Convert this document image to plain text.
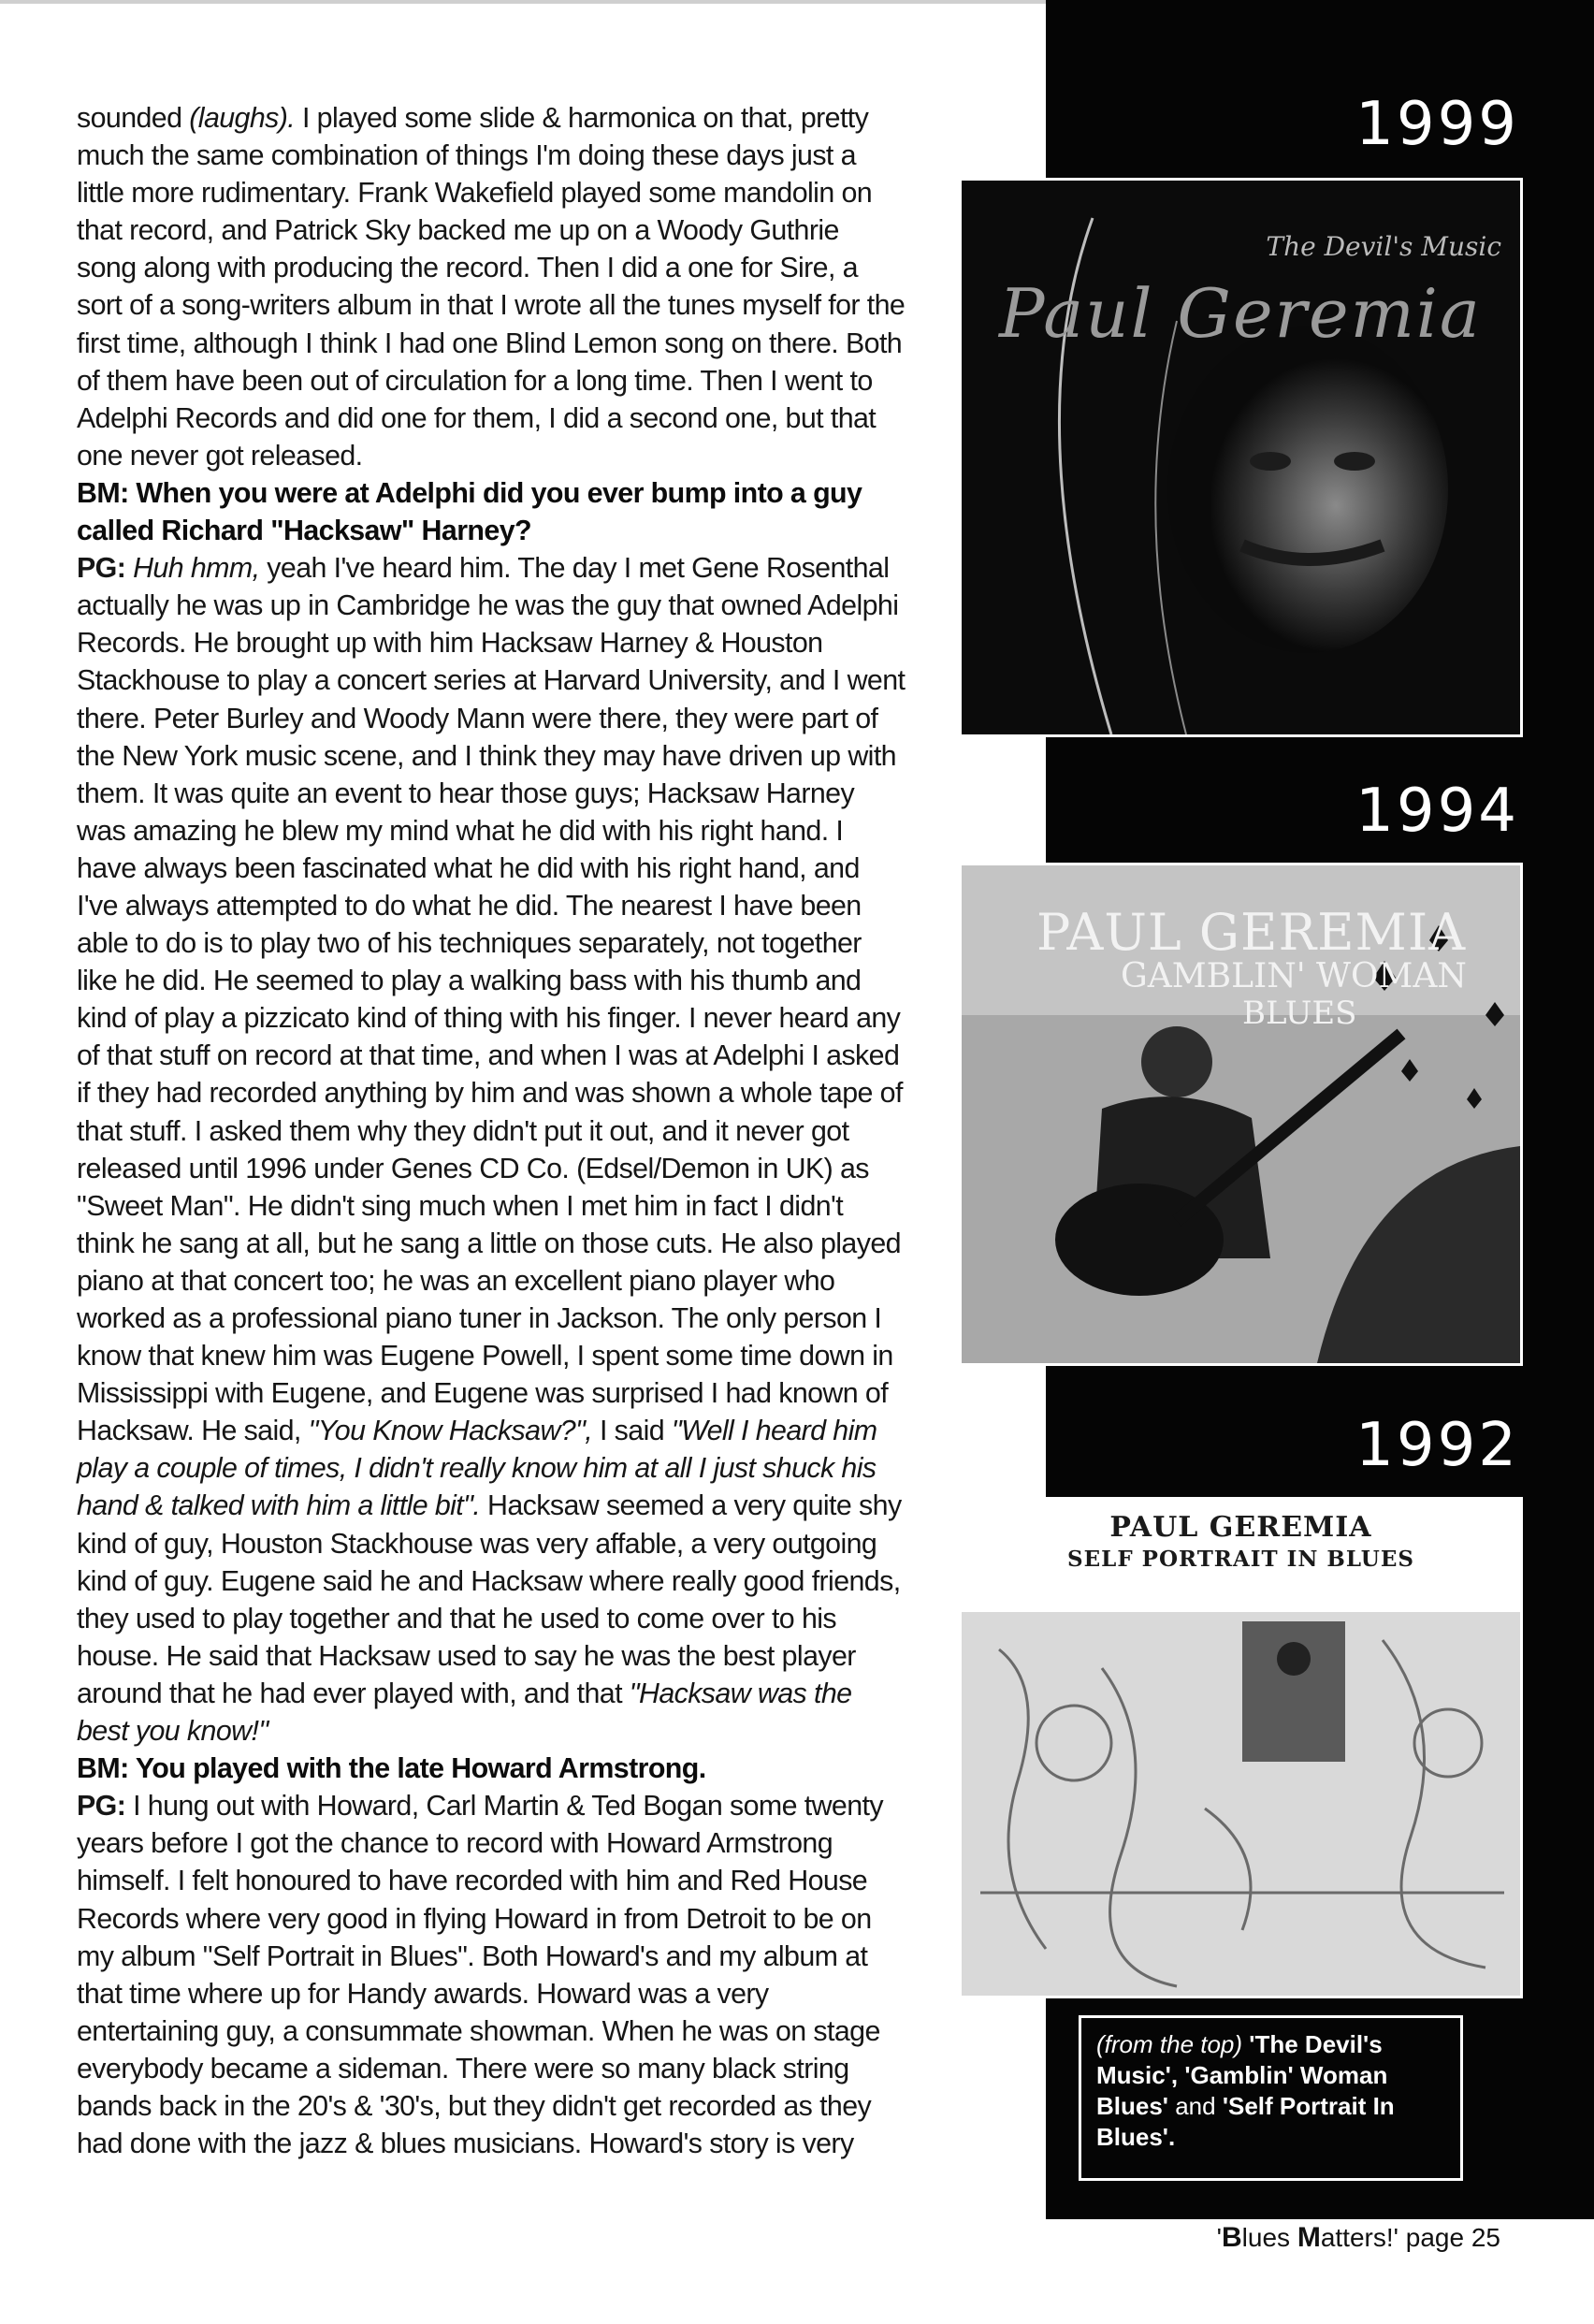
sounded (laughs). I played some slide & harmonica on that, pretty much the same combination of things I'm doing these days just a little more rudimentary. Frank Wakefield played some mandolin on that record, and Patrick Sky backed me up on a Woody Guthrie song along with producing the record. Then I did a one for Sire, a sort of a song-writers album in that I wrote all the tunes myself for the first time, although I think I had one Blind Lemon song on there. Both of them have been out of circulation for a long time. Then I went to Adelphi Records and did one for them, I did a second one, but that one never got released.

BM: When you were at Adelphi did you ever bump into a guy called Richard "Hacksaw" Harney?

PG: Huh hmm, yeah I've heard him. The day I met Gene Rosenthal actually he was up in Cambridge he was the guy that owned Adelphi Records. He brought up with him Hacksaw Harney & Houston Stackhouse to play a concert series at Harvard University, and I went there. Peter Burley and Woody Mann were there, they were part of the New York music scene, and I think they may have driven up with them. It was quite an event to hear those guys; Hacksaw Harney was amazing he blew my mind what he did with his right hand. I have always been fascinated what he did with his right hand, and I've always attempted to do what he did. The nearest I have been able to do is to play two of his techniques separately, not together like he did. He seemed to play a walking bass with his thumb and kind of play a pizzicato kind of thing with his finger. I never heard any of that stuff on record at that time, and when I was at Adelphi I asked if they had recorded anything by him and was shown a whole tape of that stuff. I asked them why they didn't put it out, and it never got released until 1996 under Genes CD Co. (Edsel/Demon in UK) as "Sweet Man". He didn't sing much when I met him in fact I didn't think he sang at all, but he sang a little on those cuts. He also played piano at that concert too; he was an excellent piano player who worked as a professional piano tuner in Jackson. The only person I know that knew him was Eugene Powell, I spent some time down in Mississippi with Eugene, and Eugene was surprised I had known of Hacksaw. He said, "You Know Hacksaw?", I said "Well I heard him play a couple of times, I didn't really know him at all I just shuck his hand & talked with him a little bit". Hacksaw seemed a very quite shy kind of guy, Houston Stackhouse was very affable, a very outgoing kind of guy. Eugene said he and Hacksaw where really good friends, they used to play together and that he used to come over to his house. He said that Hacksaw used to say he was the best player around that he had ever played with, and that "Hacksaw was the best you know!"

BM: You played with the late Howard Armstrong.

PG: I hung out with Howard, Carl Martin & Ted Bogan some twenty years before I got the chance to record with Howard Armstrong himself. I felt honoured to have recorded with him and Red House Records where very good in flying Howard in from Detroit to be on my album "Self Portrait in Blues". Both Howard's and my album at that time where up for Handy awards. Howard was a very entertaining guy, a consummate showman. When he was on stage everybody became a sideman. There were so many black string bands back in the 20's & '30's, but they didn't get recorded as they had done with the jazz & blues musicians. Howard's story is very

1999
The Devil's Music
Paul Geremia
1994
PAUL GEREMIA
GAMBLIN' WOMAN
BLUES
1992
PAUL GEREMIA
SELF PORTRAIT IN BLUES
(from the top) 'The Devil's Music', 'Gamblin' Woman Blues' and 'Self Portrait In Blues'.
'Blues Matters!' page 25
